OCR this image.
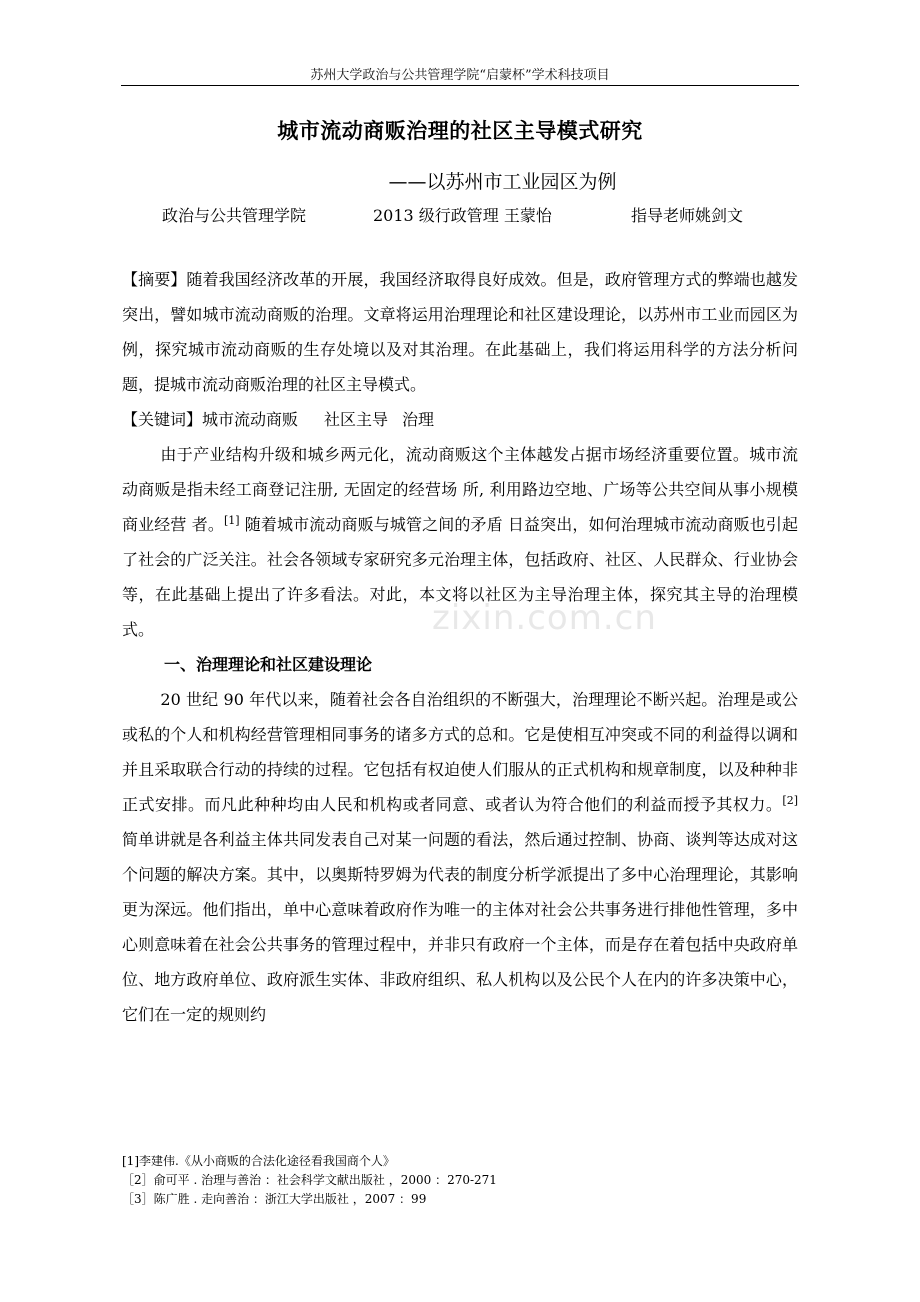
苏州大学政治与公共管理学院“启蒙杯”学术科技项目
城市流动商贩治理的社区主导模式研究
——以苏州市工业园区为例
政治与公共管理学院	2013 级行政管理 王蒙怡	指导老师姚剑文
zixin.com.cn

【摘要】随着我国经济改革的开展，我国经济取得良好成效。但是，政府管理方式的弊端也越发突出，譬如城市流动商贩的治理。文章将运用治理理论和社区建设理论，以苏州市工业而园区为例，探究城市流动商贩的生存处境以及对其治理。在此基础上，我们将运用科学的方法分析问题，提城市流动商贩治理的社区主导模式。

【关键词】城市流动商贩 社区主导 治理

由于产业结构升级和城乡两元化，流动商贩这个主体越发占据市场经济重要位置。城市流动商贩是指未经工商登记注册, 无固定的经营场 所, 利用路边空地、广场等公共空间从事小规模商业经营 者。[1] 随着城市流动商贩与城管之间的矛盾 日益突出，如何治理城市流动商贩也引起了社会的广泛关注。社会各领域专家研究多元治理主体，包括政府、社区、人民群众、行业协会等，在此基础上提出了许多看法。对此，本文将以社区为主导治理主体，探究其主导的治理模式。

一、治理理论和社区建设理论

20 世纪 90 年代以来，随着社会各自治组织的不断强大，治理理论不断兴起。治理是或公或私的个人和机构经营管理相同事务的诸多方式的总和。它是使相互冲突或不同的利益得以调和并且采取联合行动的持续的过程。它包括有权迫使人们服从的正式机构和规章制度，以及种种非正式安排。而凡此种种均由人民和机构或者同意、或者认为符合他们的利益而授予其权力。[2]    简单讲就是各利益主体共同发表自己对某一问题的看法，然后通过控制、协商、谈判等达成对这个问题的解决方案。其中，以奥斯特罗姆为代表的制度分析学派提出了多中心治理理论，其影响更为深远。他们指出，单中心意味着政府作为唯一的主体对社会公共事务进行排他性管理，多中心则意味着在社会公共事务的管理过程中，并非只有政府一个主体，而是存在着包括中央政府单位、地方政府单位、政府派生实体、非政府组织、私人机构以及公民个人在内的许多决策中心，它们在一定的规则约

[1]李建伟.《从小商贩的合法化途径看我国商个人》
［2］俞可平 . 治理与善治 ：社会科学文献出版社 ，2000 ：270-271
［3］陈广胜 . 走向善治 ：浙江大学出版社 ，2007 ：99
